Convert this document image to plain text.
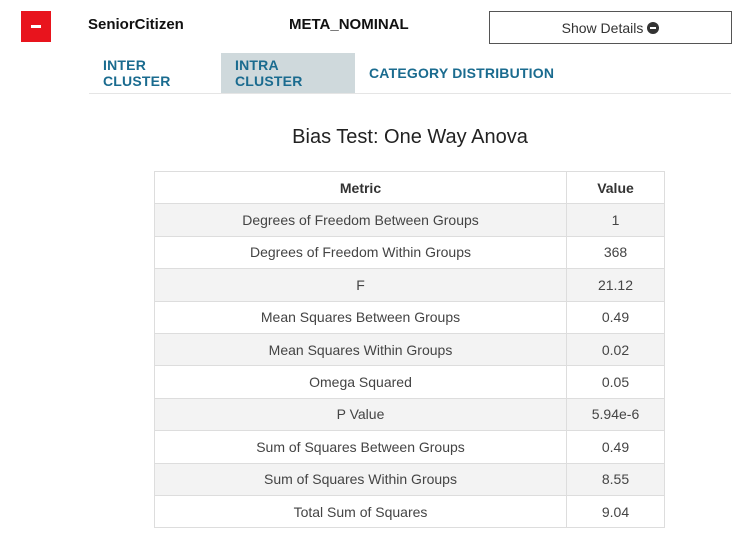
SeniorCitizen	META_NOMINAL	Show Details
INTER CLUSTER
INTRA CLUSTER	CATEGORY DISTRIBUTION
Bias Test: One Way Anova
Metric	Value
Degrees of Freedom Between Groups	1
Degrees of Freedom Within Groups	368
F	21.12
Mean Squares Between Groups	0.49
Mean Squares Within Groups	0.02
Omega Squared	0.05
P Value	5.94e-6
Sum of Squares Between Groups	0.49
Sum of Squares Within Groups	8.55
Total Sum of Squares	9.04
